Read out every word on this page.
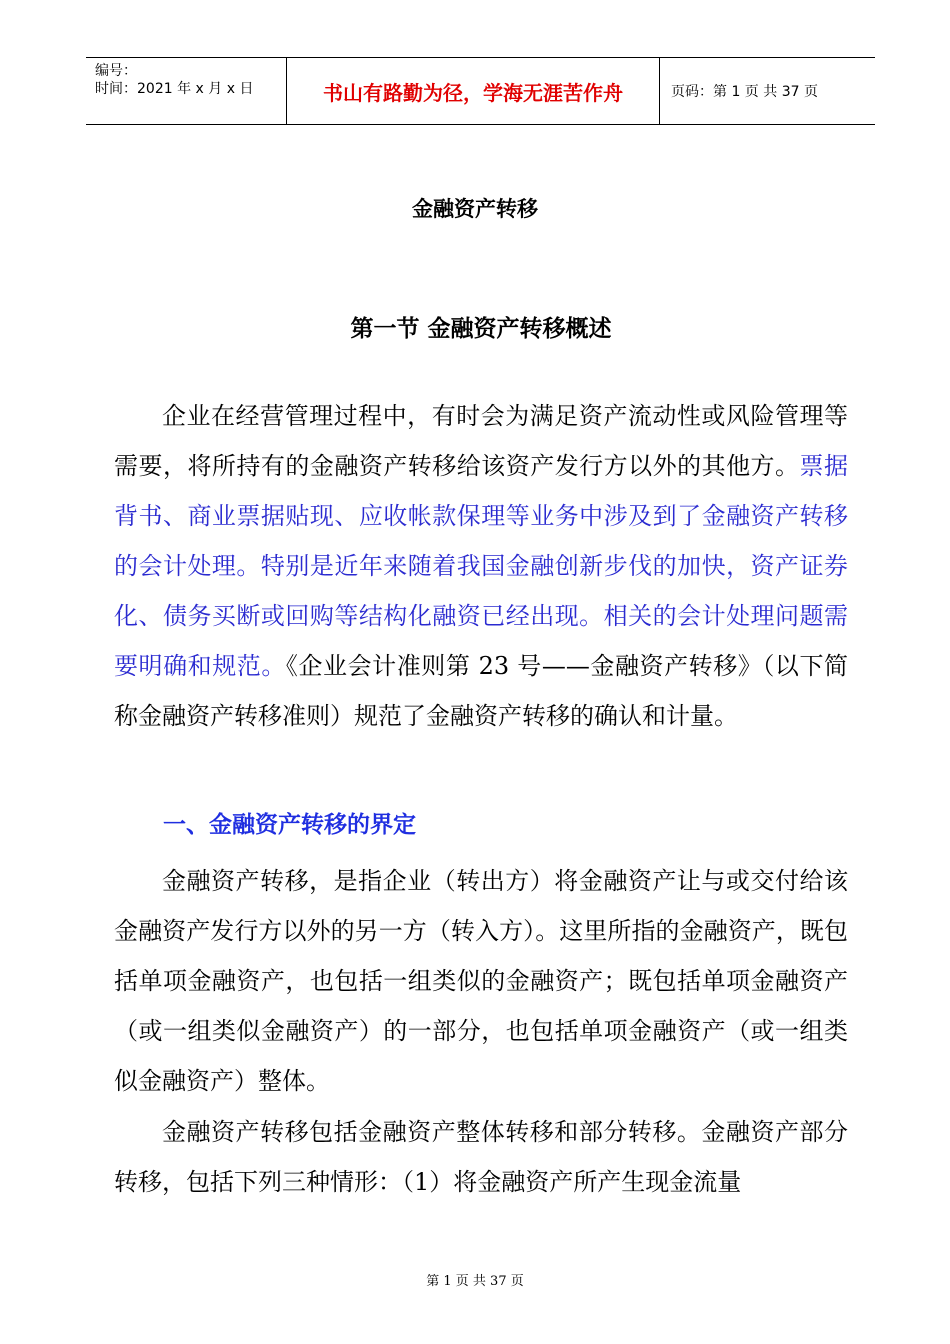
编号：
时间：2021 年 x 月 x 日	书山有路勤为径，学海无涯苦作舟	页码：第 1 页 共 37 页
金融资产转移
第一节 金融资产转移概述

企业在经营管理过程中，有时会为满足资产流动性或风险管理等需要，将所持有的金融资产转移给该资产发行方以外的其他方。票据背书、商业票据贴现、应收帐款保理等业务中涉及到了金融资产转移的会计处理。特别是近年来随着我国金融创新步伐的加快，资产证券化、债务买断或回购等结构化融资已经出现。相关的会计处理问题需要明确和规范。《企业会计准则第 23 号——金融资产转移》（以下简称金融资产转移准则）规范了金融资产转移的确认和计量。

一、金融资产转移的界定

金融资产转移，是指企业（转出方）将金融资产让与或交付给该金融资产发行方以外的另一方（转入方）。这里所指的金融资产，既包括单项金融资产，也包括一组类似的金融资产；既包括单项金融资产（或一组类似金融资产）的一部分，也包括单项金融资产（或一组类似金融资产）整体。

金融资产转移包括金融资产整体转移和部分转移。金融资产部分转移，包括下列三种情形：（1）将金融资产所产生现金流量

第 1 页 共 37 页
